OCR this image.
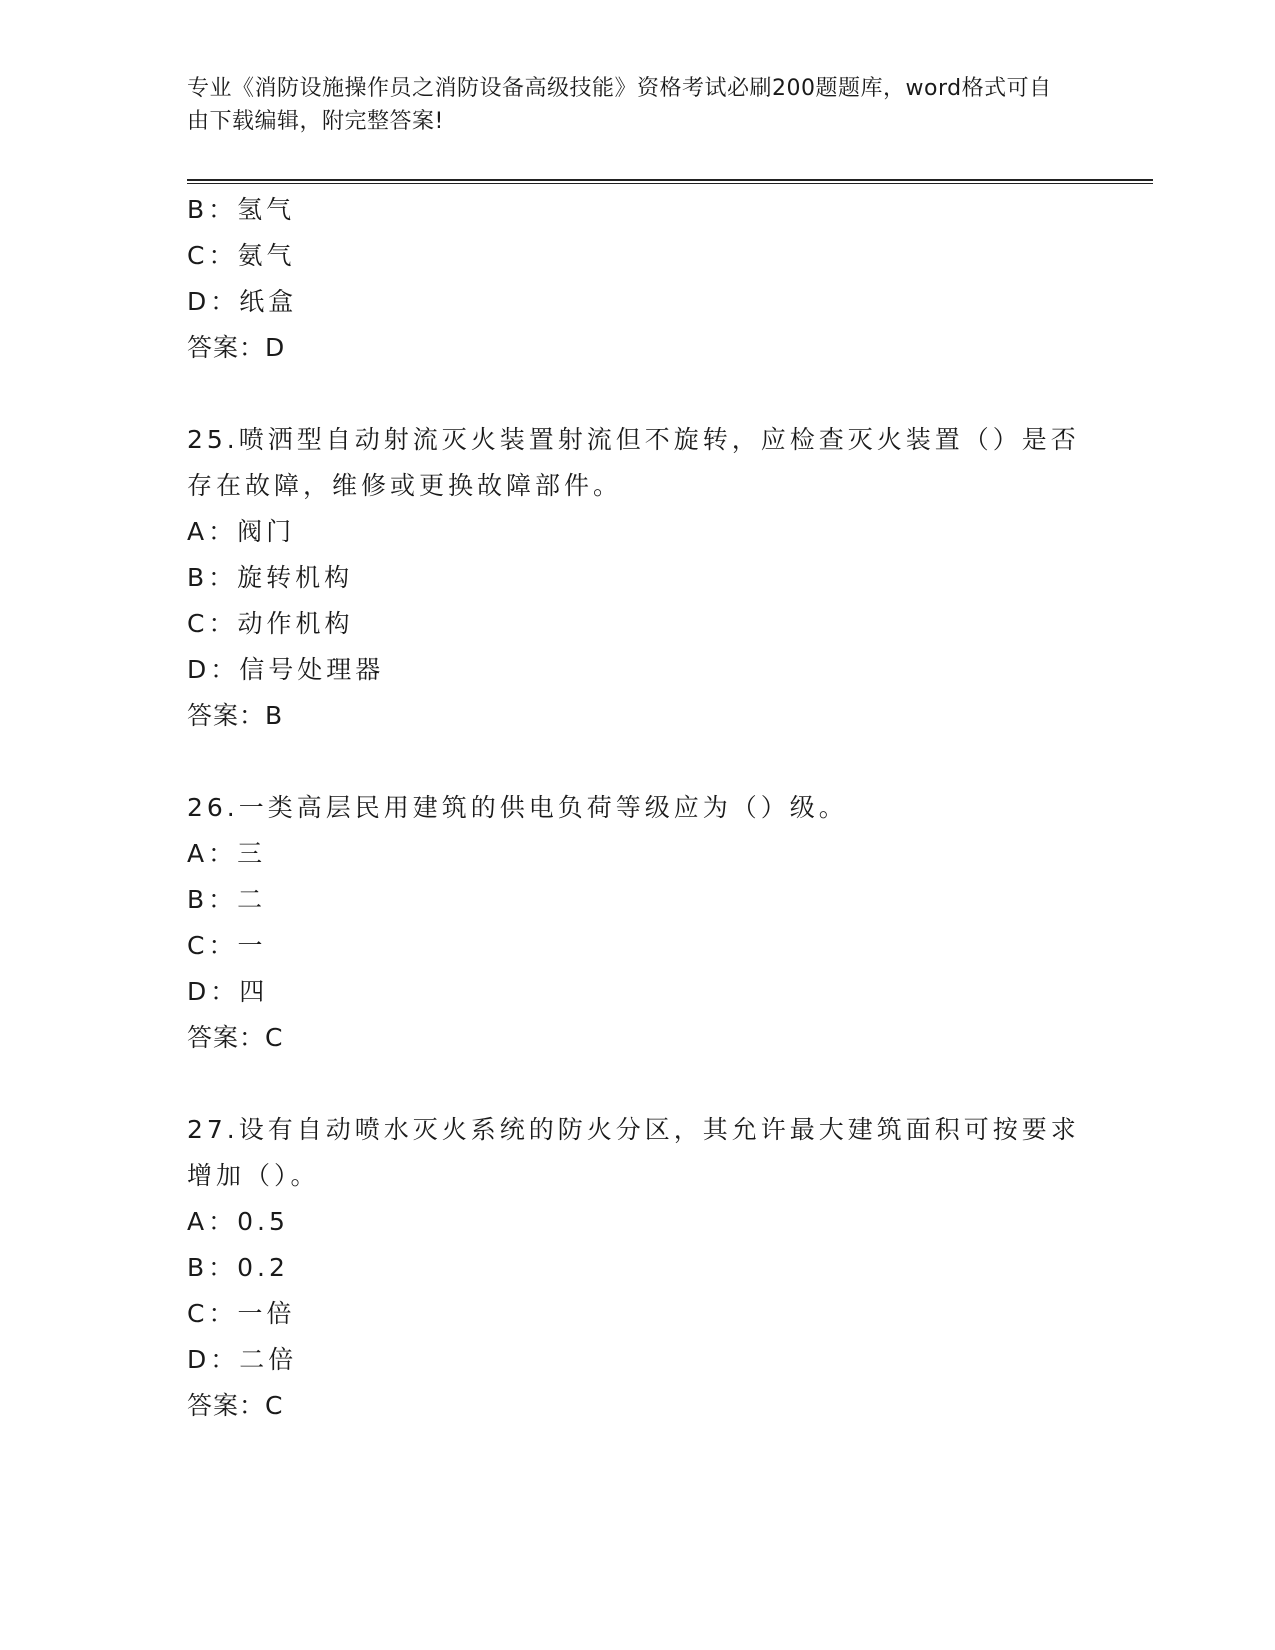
专业《消防设施操作员之消防设备高级技能》资格考试必刷200题题库，word格式可自由下载编辑，附完整答案!
B：氢气
C：氨气
D：纸盒
答案：D
25.喷洒型自动射流灭火装置射流但不旋转，应检查灭火装置（）是否存在故障，维修或更换故障部件。
A：阀门
B：旋转机构
C：动作机构
D：信号处理器
答案：B
26.一类高层民用建筑的供电负荷等级应为（）级。
A：三
B：二
C：一
D：四
答案：C
27.设有自动喷水灭火系统的防火分区，其允许最大建筑面积可按要求增加（）。
A：0.5
B：0.2
C：一倍
D：二倍
答案：C
